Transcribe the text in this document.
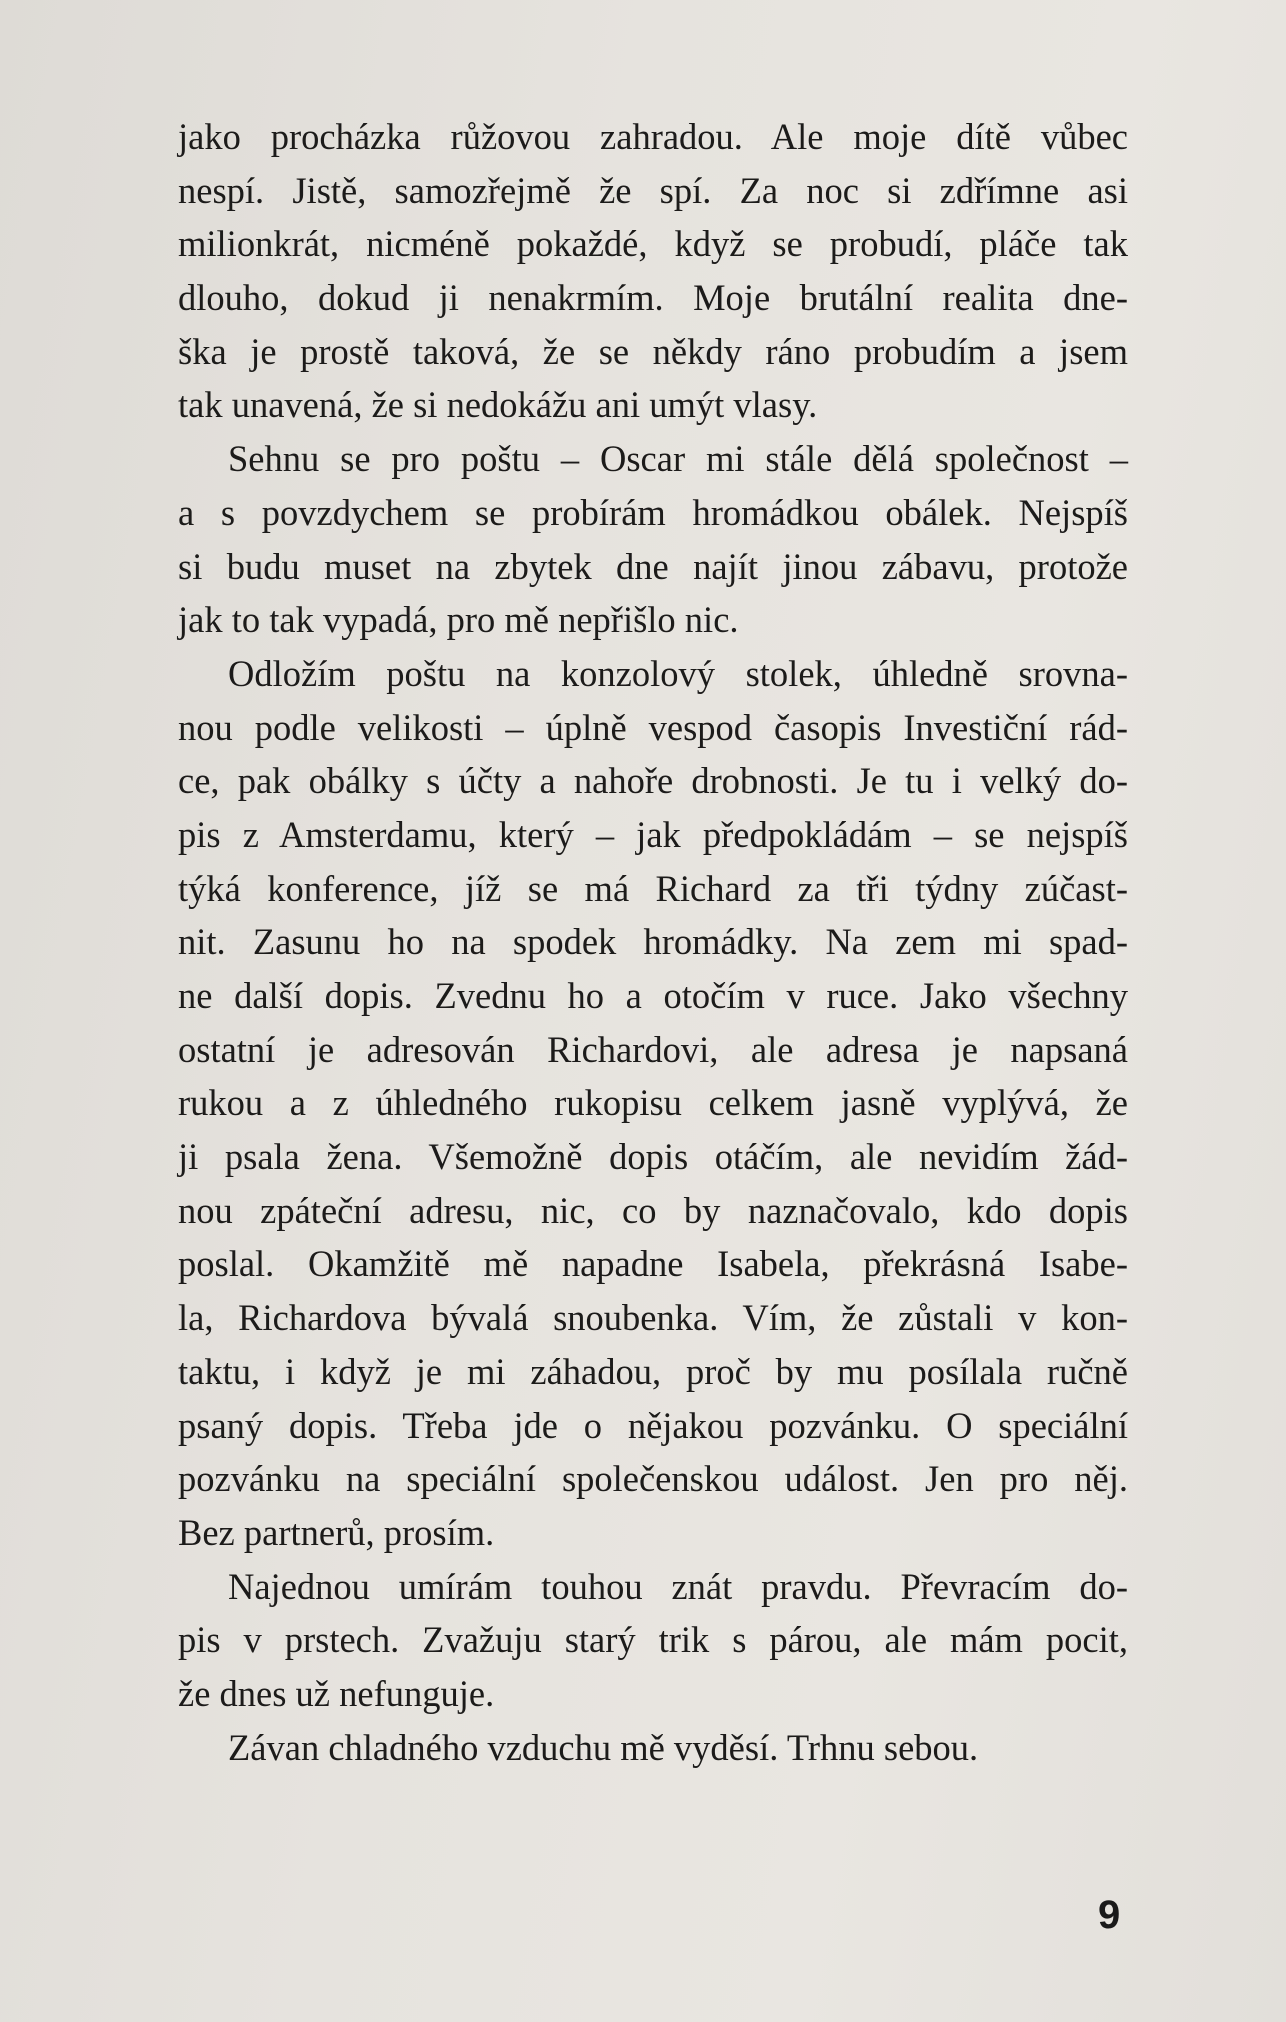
jako procházka růžovou zahradou. Ale moje dítě vůbec
nespí. Jistě, samozřejmě že spí. Za noc si zdřímne asi
milionkrát, nicméně pokaždé, když se probudí, pláče tak
dlouho, dokud ji nenakrmím. Moje brutální realita dne-
ška je prostě taková, že se někdy ráno probudím a jsem
tak unavená, že si nedokážu ani umýt vlasy.
Sehnu se pro poštu – Oscar mi stále dělá společnost –
a s povzdychem se probírám hromádkou obálek. Nejspíš
si budu muset na zbytek dne najít jinou zábavu, protože
jak to tak vypadá, pro mě nepřišlo nic.
Odložím poštu na konzolový stolek, úhledně srovna-
nou podle velikosti – úplně vespod časopis Investiční rád-
ce, pak obálky s účty a nahoře drobnosti. Je tu i velký do-
pis z Amsterdamu, který – jak předpokládám – se nejspíš
týká konference, jíž se má Richard za tři týdny zúčast-
nit. Zasunu ho na spodek hromádky. Na zem mi spad-
ne další dopis. Zvednu ho a otočím v ruce. Jako všechny
ostatní je adresován Richardovi, ale adresa je napsaná
rukou a z úhledného rukopisu celkem jasně vyplývá, že
ji psala žena. Všemožně dopis otáčím, ale nevidím žád-
nou zpáteční adresu, nic, co by naznačovalo, kdo dopis
poslal. Okamžitě mě napadne Isabela, překrásná Isabe-
la, Richardova bývalá snoubenka. Vím, že zůstali v kon-
taktu, i když je mi záhadou, proč by mu posílala ručně
psaný dopis. Třeba jde o nějakou pozvánku. O speciální
pozvánku na speciální společenskou událost. Jen pro něj.
Bez partnerů, prosím.
Najednou umírám touhou znát pravdu. Převracím do-
pis v prstech. Zvažuju starý trik s párou, ale mám pocit,
že dnes už nefunguje.
Závan chladného vzduchu mě vyděsí. Trhnu sebou.
9
